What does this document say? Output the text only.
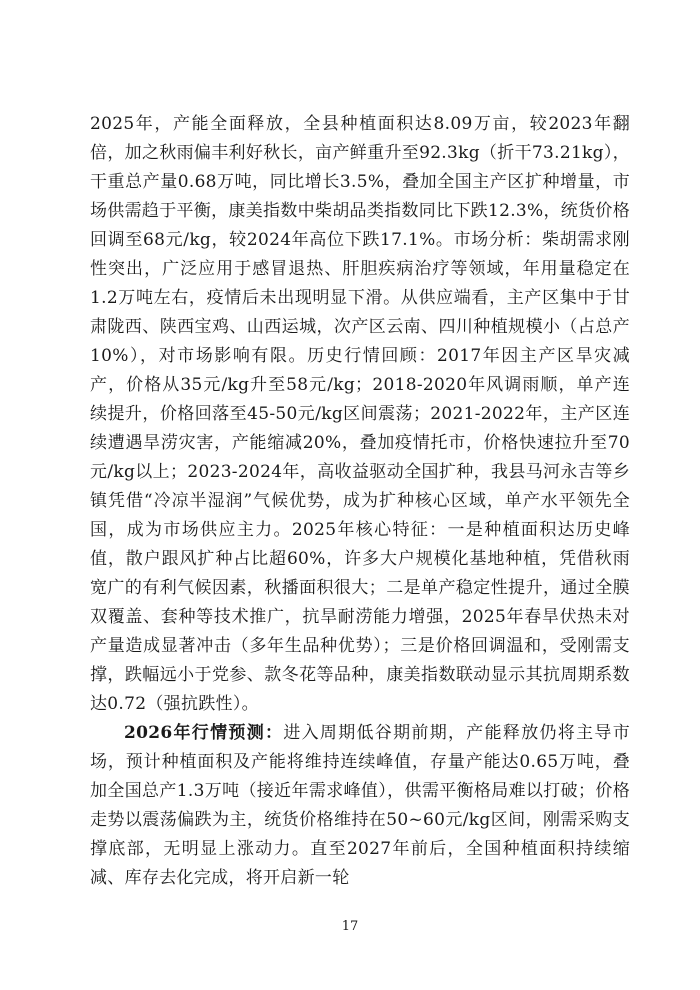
2025年，产能全面释放，全县种植面积达8.09万亩，较2023年翻倍，加之秋雨偏丰利好秋长，亩产鲜重升至92.3kg（折干73.21kg），干重总产量0.68万吨，同比增长3.5%，叠加全国主产区扩种增量，市场供需趋于平衡，康美指数中柴胡品类指数同比下跌12.3%，统货价格回调至68元/kg，较2024年高位下跌17.1%。市场分析：柴胡需求刚性突出，广泛应用于感冒退热、肝胆疾病治疗等领域，年用量稳定在1.2万吨左右，疫情后未出现明显下滑。从供应端看，主产区集中于甘肃陇西、陕西宝鸡、山西运城，次产区云南、四川种植规模小（占总产10%），对市场影响有限。历史行情回顾：2017年因主产区旱灾减产，价格从35元/kg升至58元/kg；2018-2020年风调雨顺，单产连续提升，价格回落至45-50元/kg区间震荡；2021-2022年，主产区连续遭遇旱涝灾害，产能缩减20%，叠加疫情托市，价格快速拉升至70元/kg以上；2023-2024年，高收益驱动全国扩种，我县马河永吉等乡镇凭借“冷凉半湿润”气候优势，成为扩种核心区域，单产水平领先全国，成为市场供应主力。2025年核心特征：一是种植面积达历史峰值，散户跟风扩种占比超60%，许多大户规模化基地种植，凭借秋雨宽广的有利气候因素，秋播面积很大；二是单产稳定性提升，通过全膜双覆盖、套种等技术推广，抗旱耐涝能力增强，2025年春旱伏热未对产量造成显著冲击（多年生品种优势）；三是价格回调温和，受刚需支撑，跌幅远小于党参、款冬花等品种，康美指数联动显示其抗周期系数达0.72（强抗跌性）。

2026年行情预测：进入周期低谷期前期，产能释放仍将主导市场，预计种植面积及产能将维持连续峰值，存量产能达0.65万吨，叠加全国总产1.3万吨（接近年需求峰值），供需平衡格局难以打破；价格走势以震荡偏跌为主，统货价格维持在50~60元/kg区间，刚需采购支撑底部，无明显上涨动力。直至2027年前后，全国种植面积持续缩减、库存去化完成，将开启新一轮

17
